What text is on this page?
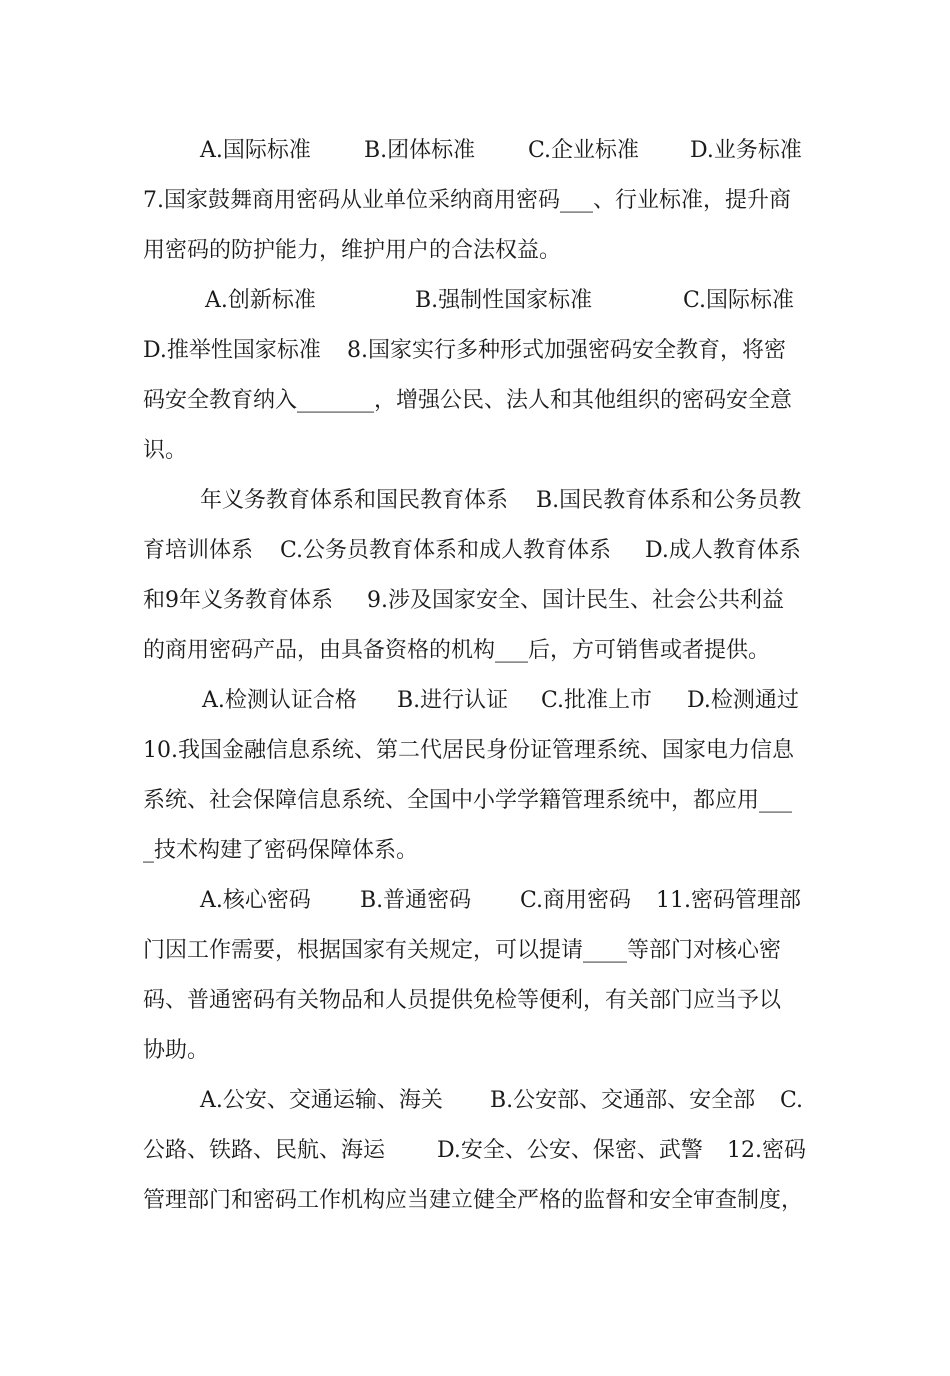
A.国际标准

B.团体标准

C.企业标准

D.业务标准

7.国家鼓舞商用密码从业单位采纳商用密码___、行业标准，提升商

用密码的防护能力，维护用户的合法权益。

A.创新标准

	B.强制性国家标准

	C.国际标准

D.推举性国家标准

8.国家实行多种形式加强密码安全教育，将密

码安全教育纳入_______，增强公民、法人和其他组织的密码安全意

识。

年义务教育体系和国民教育体系

B.国民教育体系和公务员教

育培训体系

C.公务员教育体系和成人教育体系

D.成人教育体系

和9年义务教育体系

9.涉及国家安全、国计民生、社会公共利益

的商用密码产品，由具备资格的机构___后，方可销售或者提供。

A.检测认证合格

B.进行认证

C.批准上市

D.检测通过

10.我国金融信息系统、第二代居民身份证管理系统、国家电力信息

系统、社会保障信息系统、全国中小学学籍管理系统中，都应用___

_技术构建了密码保障体系。

A.核心密码

B.普通密码

C.商用密码

11.密码管理部

门因工作需要，根据国家有关规定，可以提请____等部门对核心密

码、普通密码有关物品和人员提供免检等便利，有关部门应当予以

协助。

A.公安、交通运输、海关

B.公安部、交通部、安全部

C.

公路、铁路、民航、海运

D.安全、公安、保密、武警

12.密码

管理部门和密码工作机构应当建立健全严格的监督和安全审查制度，
